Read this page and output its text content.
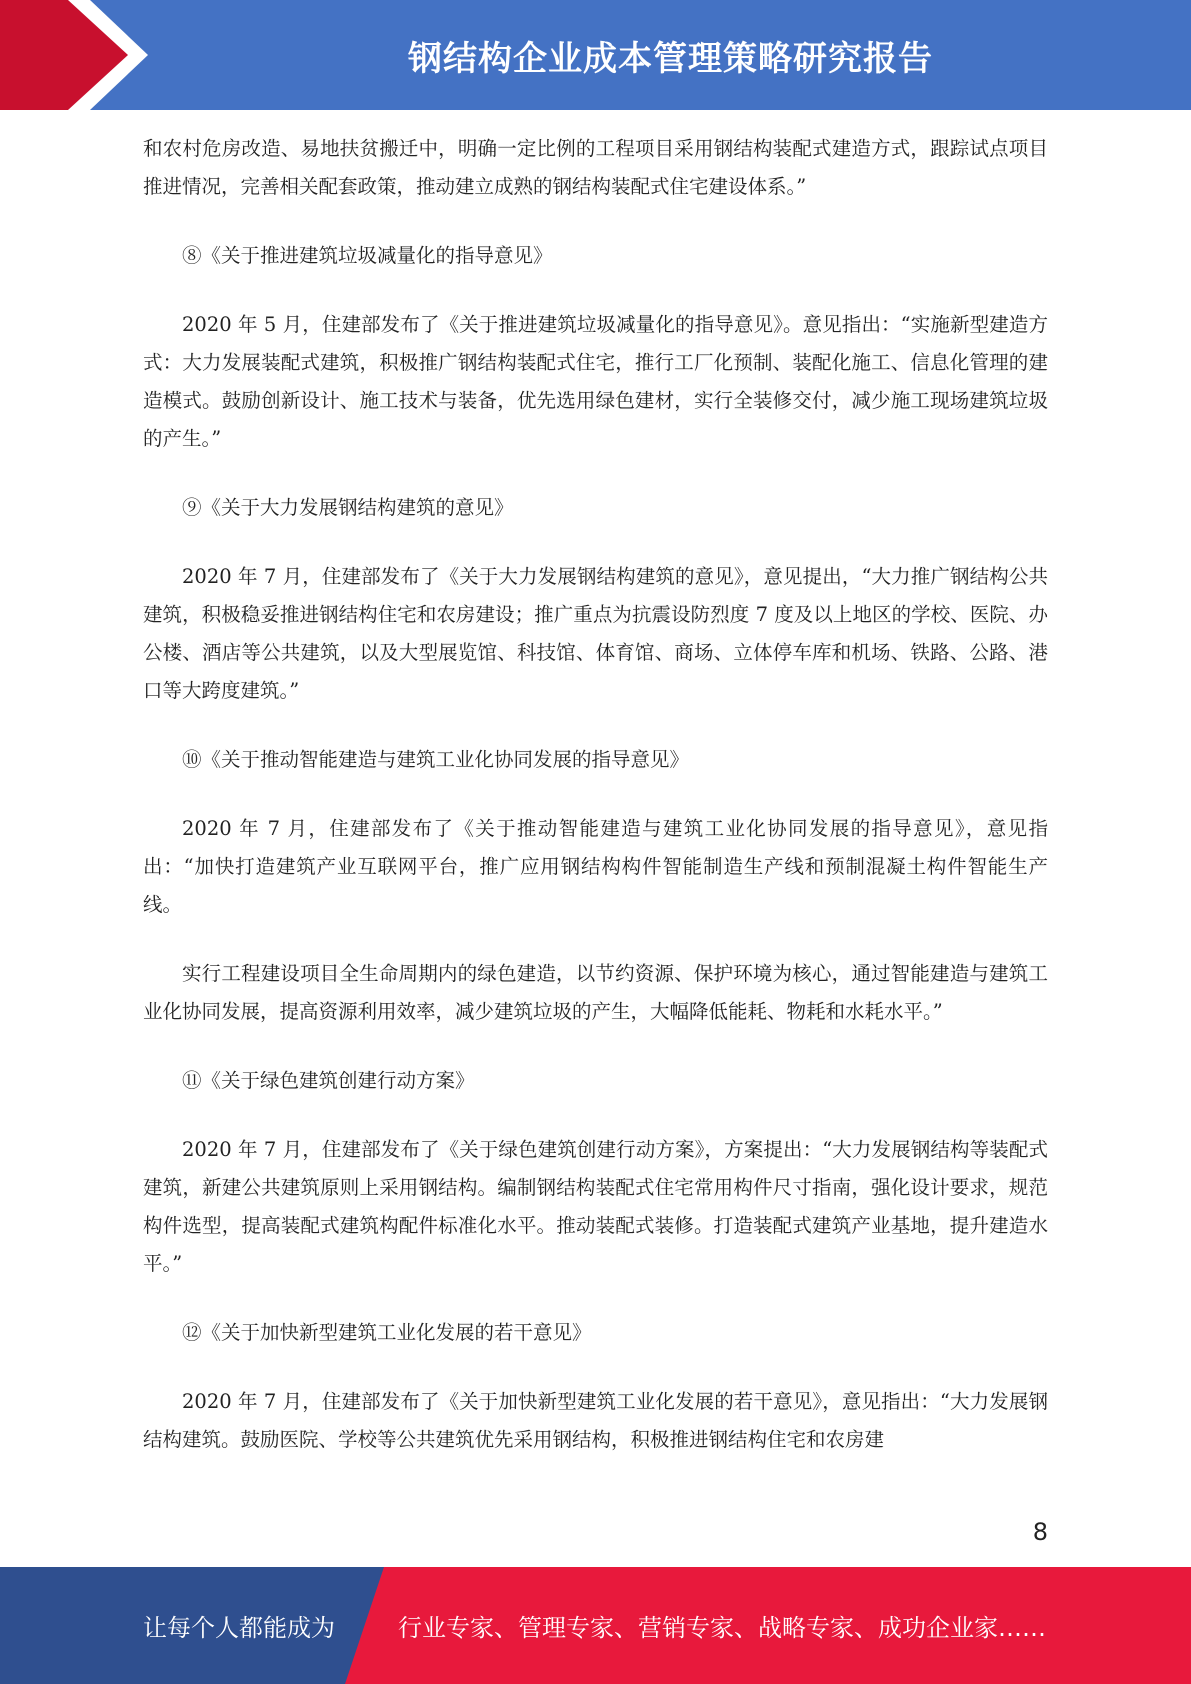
钢结构企业成本管理策略研究报告

和农村危房改造、易地扶贫搬迁中，明确一定比例的工程项目采用钢结构装配式建造方式，跟踪试点项目推进情况，完善相关配套政策，推动建立成熟的钢结构装配式住宅建设体系。”

⑧《关于推进建筑垃圾减量化的指导意见》

2020 年 5 月，住建部发布了《关于推进建筑垃圾减量化的指导意见》。意见指出：“实施新型建造方式：大力发展装配式建筑，积极推广钢结构装配式住宅，推行工厂化预制、装配化施工、信息化管理的建造模式。鼓励创新设计、施工技术与装备，优先选用绿色建材，实行全装修交付，减少施工现场建筑垃圾的产生。”

⑨《关于大力发展钢结构建筑的意见》

2020 年 7 月，住建部发布了《关于大力发展钢结构建筑的意见》，意见提出，“大力推广钢结构公共建筑，积极稳妥推进钢结构住宅和农房建设；推广重点为抗震设防烈度 7 度及以上地区的学校、医院、办公楼、酒店等公共建筑，以及大型展览馆、科技馆、体育馆、商场、立体停车库和机场、铁路、公路、港口等大跨度建筑。”

⑩《关于推动智能建造与建筑工业化协同发展的指导意见》

2020 年 7 月，住建部发布了《关于推动智能建造与建筑工业化协同发展的指导意见》，意见指出：“加快打造建筑产业互联网平台，推广应用钢结构构件智能制造生产线和预制混凝土构件智能生产线。

实行工程建设项目全生命周期内的绿色建造，以节约资源、保护环境为核心，通过智能建造与建筑工业化协同发展，提高资源利用效率，减少建筑垃圾的产生，大幅降低能耗、物耗和水耗水平。”

⑪《关于绿色建筑创建行动方案》

2020 年 7 月，住建部发布了《关于绿色建筑创建行动方案》，方案提出：“大力发展钢结构等装配式建筑，新建公共建筑原则上采用钢结构。编制钢结构装配式住宅常用构件尺寸指南，强化设计要求，规范构件选型，提高装配式建筑构配件标准化水平。推动装配式装修。打造装配式建筑产业基地，提升建造水平。”

⑫《关于加快新型建筑工业化发展的若干意见》

2020 年 7 月，住建部发布了《关于加快新型建筑工业化发展的若干意见》，意见指出：“大力发展钢结构建筑。鼓励医院、学校等公共建筑优先采用钢结构，积极推进钢结构住宅和农房建

8
让每个人都能成为	行业专家、管理专家、营销专家、战略专家、成功企业家……
